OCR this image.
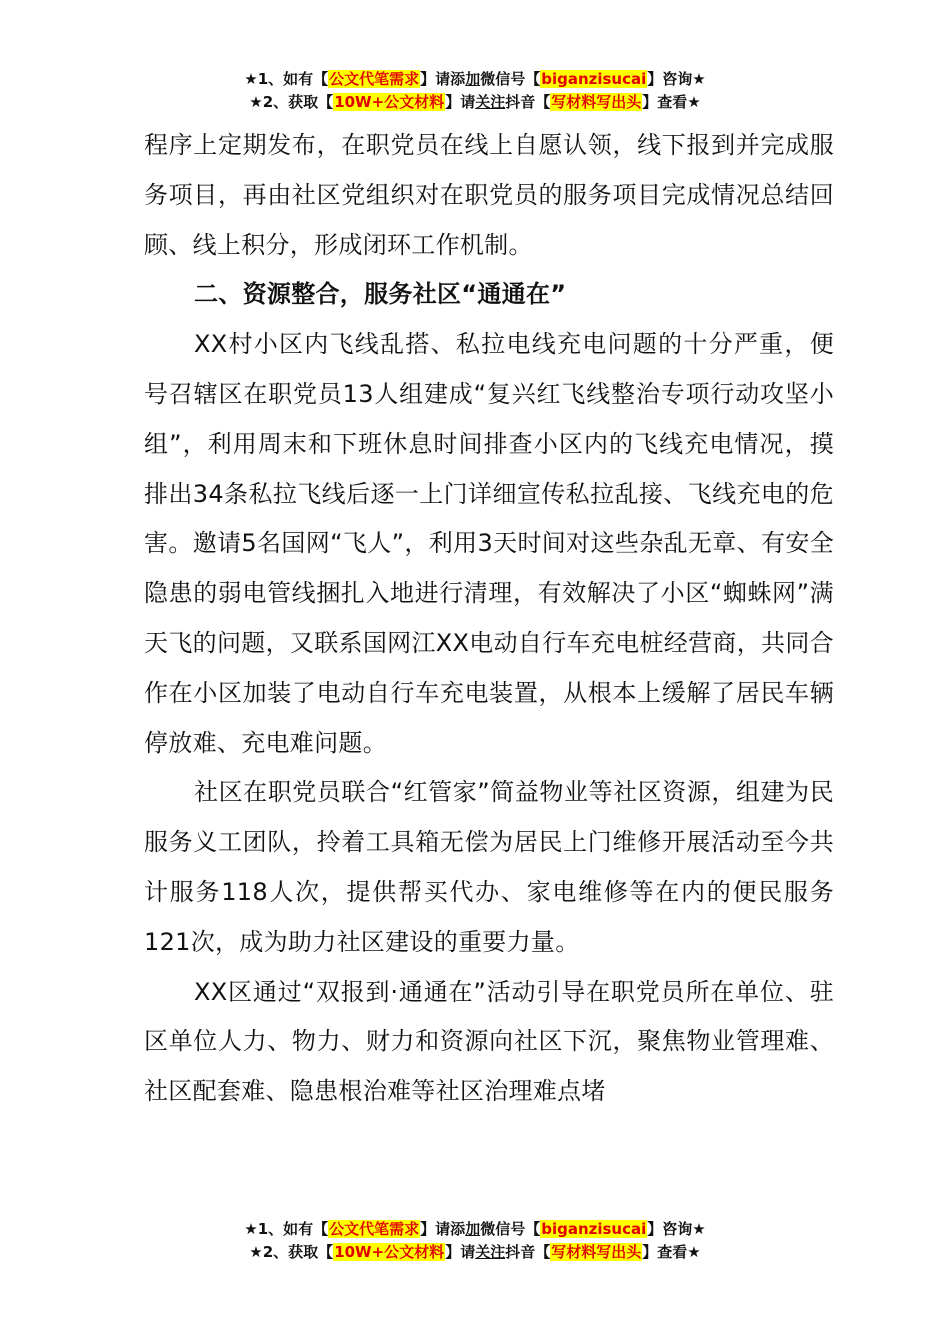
★1、如有【公文代笔需求】请添加微信号【biganzisucai】咨询★
★2、获取【10W+公文材料】请关注抖音【写材料写出头】查看★

程序上定期发布，在职党员在线上自愿认领，线下报到并完成服务项目，再由社区党组织对在职党员的服务项目完成情况总结回顾、线上积分，形成闭环工作机制。

二、资源整合，服务社区“通通在”

XX村小区内飞线乱搭、私拉电线充电问题的十分严重，便号召辖区在职党员13人组建成“复兴红飞线整治专项行动攻坚小组”，利用周末和下班休息时间排查小区内的飞线充电情况，摸排出34条私拉飞线后逐一上门详细宣传私拉乱接、飞线充电的危害。邀请5名国网“飞人”，利用3天时间对这些杂乱无章、有安全隐患的弱电管线捆扎入地进行清理，有效解决了小区“蜘蛛网”满天飞的问题，又联系国网江XX电动自行车充电桩经营商，共同合作在小区加装了电动自行车充电装置，从根本上缓解了居民车辆停放难、充电难问题。

社区在职党员联合“红管家”简益物业等社区资源，组建为民服务义工团队，拎着工具箱无偿为居民上门维修开展活动至今共计服务118人次，提供帮买代办、家电维修等在内的便民服务121次，成为助力社区建设的重要力量。

XX区通过“双报到·通通在”活动引导在职党员所在单位、驻区单位人力、物力、财力和资源向社区下沉，聚焦物业管理难、社区配套难、隐患根治难等社区治理难点堵

★1、如有【公文代笔需求】请添加微信号【biganzisucai】咨询★
★2、获取【10W+公文材料】请关注抖音【写材料写出头】查看★
